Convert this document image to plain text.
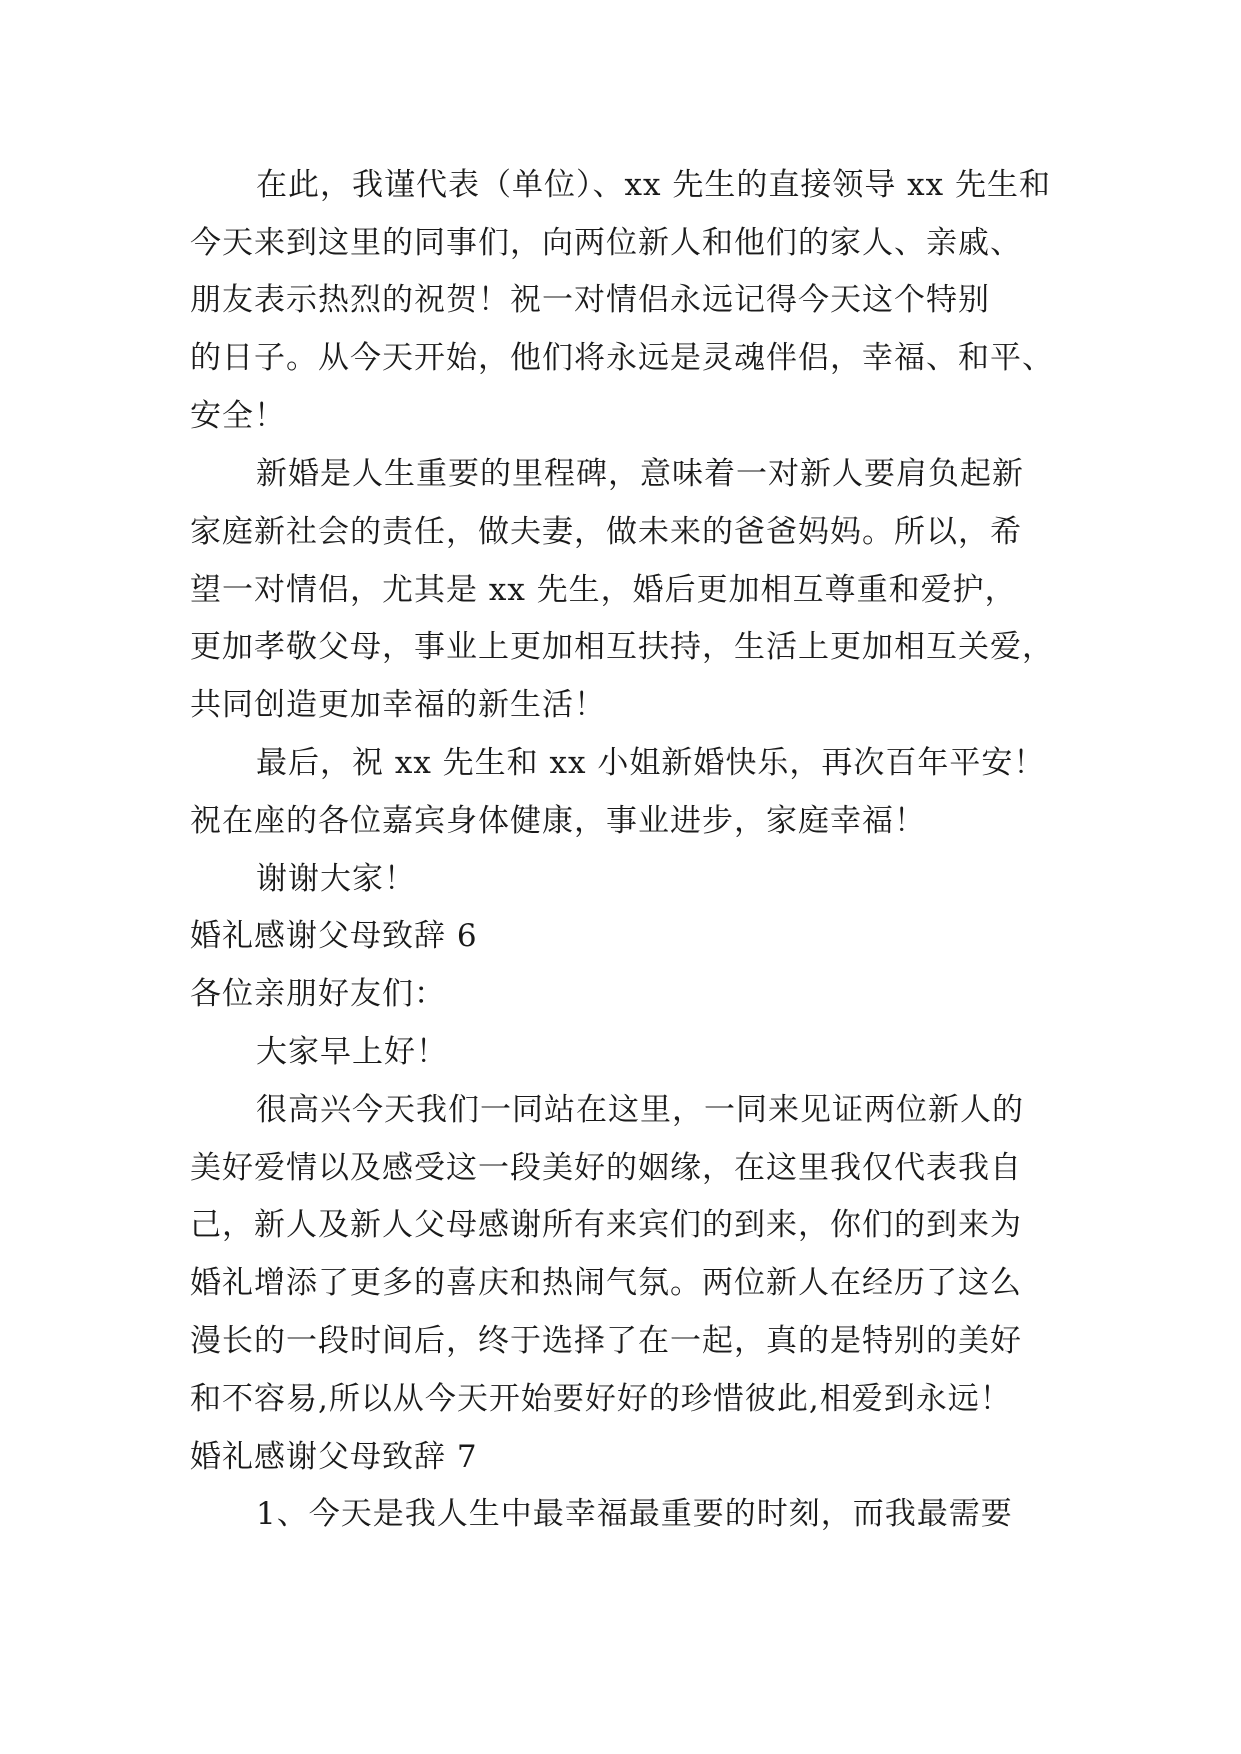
在此，我谨代表（单位）、xx 先生的直接领导 xx 先生和
今天来到这里的同事们，向两位新人和他们的家人、亲戚、
朋友表示热烈的祝贺！祝一对情侣永远记得今天这个特别
的日子。从今天开始，他们将永远是灵魂伴侣，幸福、和平、
安全！
新婚是人生重要的里程碑，意味着一对新人要肩负起新
家庭新社会的责任，做夫妻，做未来的爸爸妈妈。所以，希
望一对情侣，尤其是 xx 先生，婚后更加相互尊重和爱护，
更加孝敬父母，事业上更加相互扶持，生活上更加相互关爱，
共同创造更加幸福的新生活！
最后，祝 xx 先生和 xx 小姐新婚快乐，再次百年平安！
祝在座的各位嘉宾身体健康，事业进步，家庭幸福！
谢谢大家！
婚礼感谢父母致辞 6
各位亲朋好友们：
大家早上好！
很高兴今天我们一同站在这里，一同来见证两位新人的
美好爱情以及感受这一段美好的姻缘，在这里我仅代表我自
己，新人及新人父母感谢所有来宾们的到来，你们的到来为
婚礼增添了更多的喜庆和热闹气氛。两位新人在经历了这么
漫长的一段时间后，终于选择了在一起，真的是特别的美好
和不容易,所以从今天开始要好好的珍惜彼此,相爱到永远！
婚礼感谢父母致辞 7
1、今天是我人生中最幸福最重要的时刻，而我最需要
